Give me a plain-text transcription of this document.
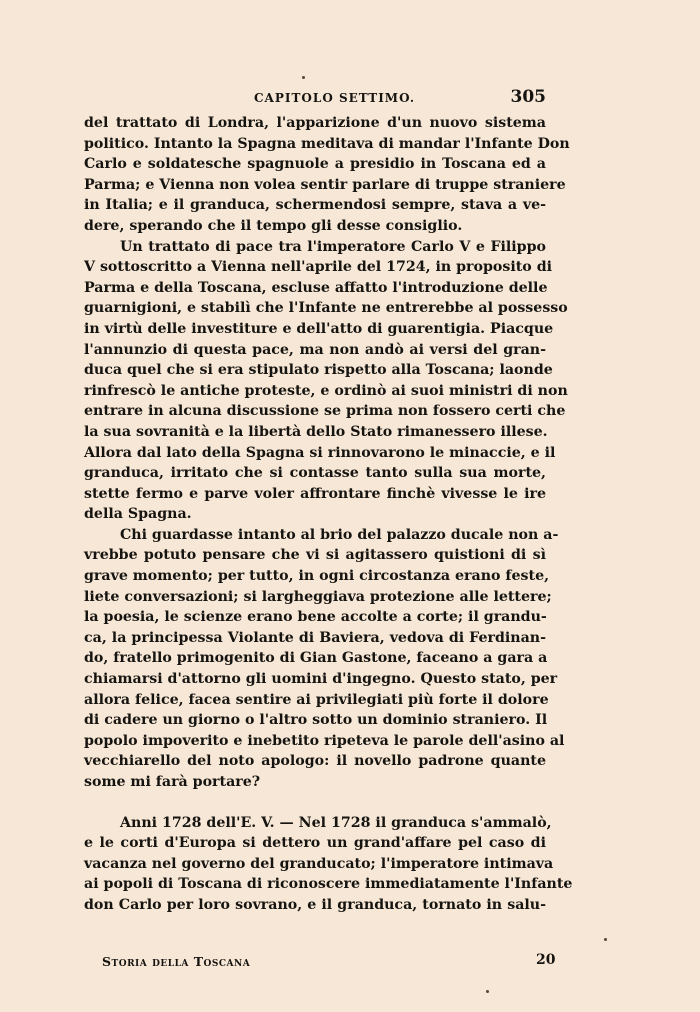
CAPITOLO SETTIMO.	305
del trattato di Londra, l'apparizione d'un nuovo sistema
politico. Intanto la Spagna meditava di mandar l'Infante Don
Carlo e soldatesche spagnuole a presidio in Toscana ed a
Parma; e Vienna non volea sentir parlare di truppe straniere
in Italia; e il granduca, schermendosi sempre, stava a ve-
dere, sperando che il tempo gli desse consiglio.
Un trattato di pace tra l'imperatore Carlo V e Filippo
V sottoscritto a Vienna nell'aprile del 1724, in proposito di
Parma e della Toscana, escluse affatto l'introduzione delle
guarnigioni, e stabilì che l'Infante ne entrerebbe al possesso
in virtù delle investiture e dell'atto di guarentigia. Piacque
l'annunzio di questa pace, ma non andò ai versi del gran-
duca quel che si era stipulato rispetto alla Toscana; laonde
rinfrescò le antiche proteste, e ordinò ai suoi ministri di non
entrare in alcuna discussione se prima non fossero certi che
la sua sovranità e la libertà dello Stato rimanessero illese.
Allora dal lato della Spagna si rinnovarono le minaccie, e il
granduca, irritato che si contasse tanto sulla sua morte,
stette fermo e parve voler affrontare finchè vivesse le ire
della Spagna.
Chi guardasse intanto al brio del palazzo ducale non a-
vrebbe potuto pensare che vi si agitassero quistioni di sì
grave momento; per tutto, in ogni circostanza erano feste,
liete conversazioni; si largheggiava protezione alle lettere;
la poesia, le scienze erano bene accolte a corte; il grandu-
ca, la principessa Violante di Baviera, vedova di Ferdinan-
do, fratello primogenito di Gian Gastone, faceano a gara a
chiamarsi d'attorno gli uomini d'ingegno. Questo stato, per
allora felice, facea sentire ai privilegiati più forte il dolore
di cadere un giorno o l'altro sotto un dominio straniero. Il
popolo impoverito e inebetito ripeteva le parole dell'asino al
vecchiarello del noto apologo: il novello padrone quante
some mi farà portare?
Anni 1728 dell'E. V. — Nel 1728 il granduca s'ammalò,
e le corti d'Europa si dettero un grand'affare pel caso di
vacanza nel governo del granducato; l'imperatore intimava
ai popoli di Toscana di riconoscere immediatamente l'Infante
don Carlo per loro sovrano, e il granduca, tornato in salu-
Storia della Toscana	20
